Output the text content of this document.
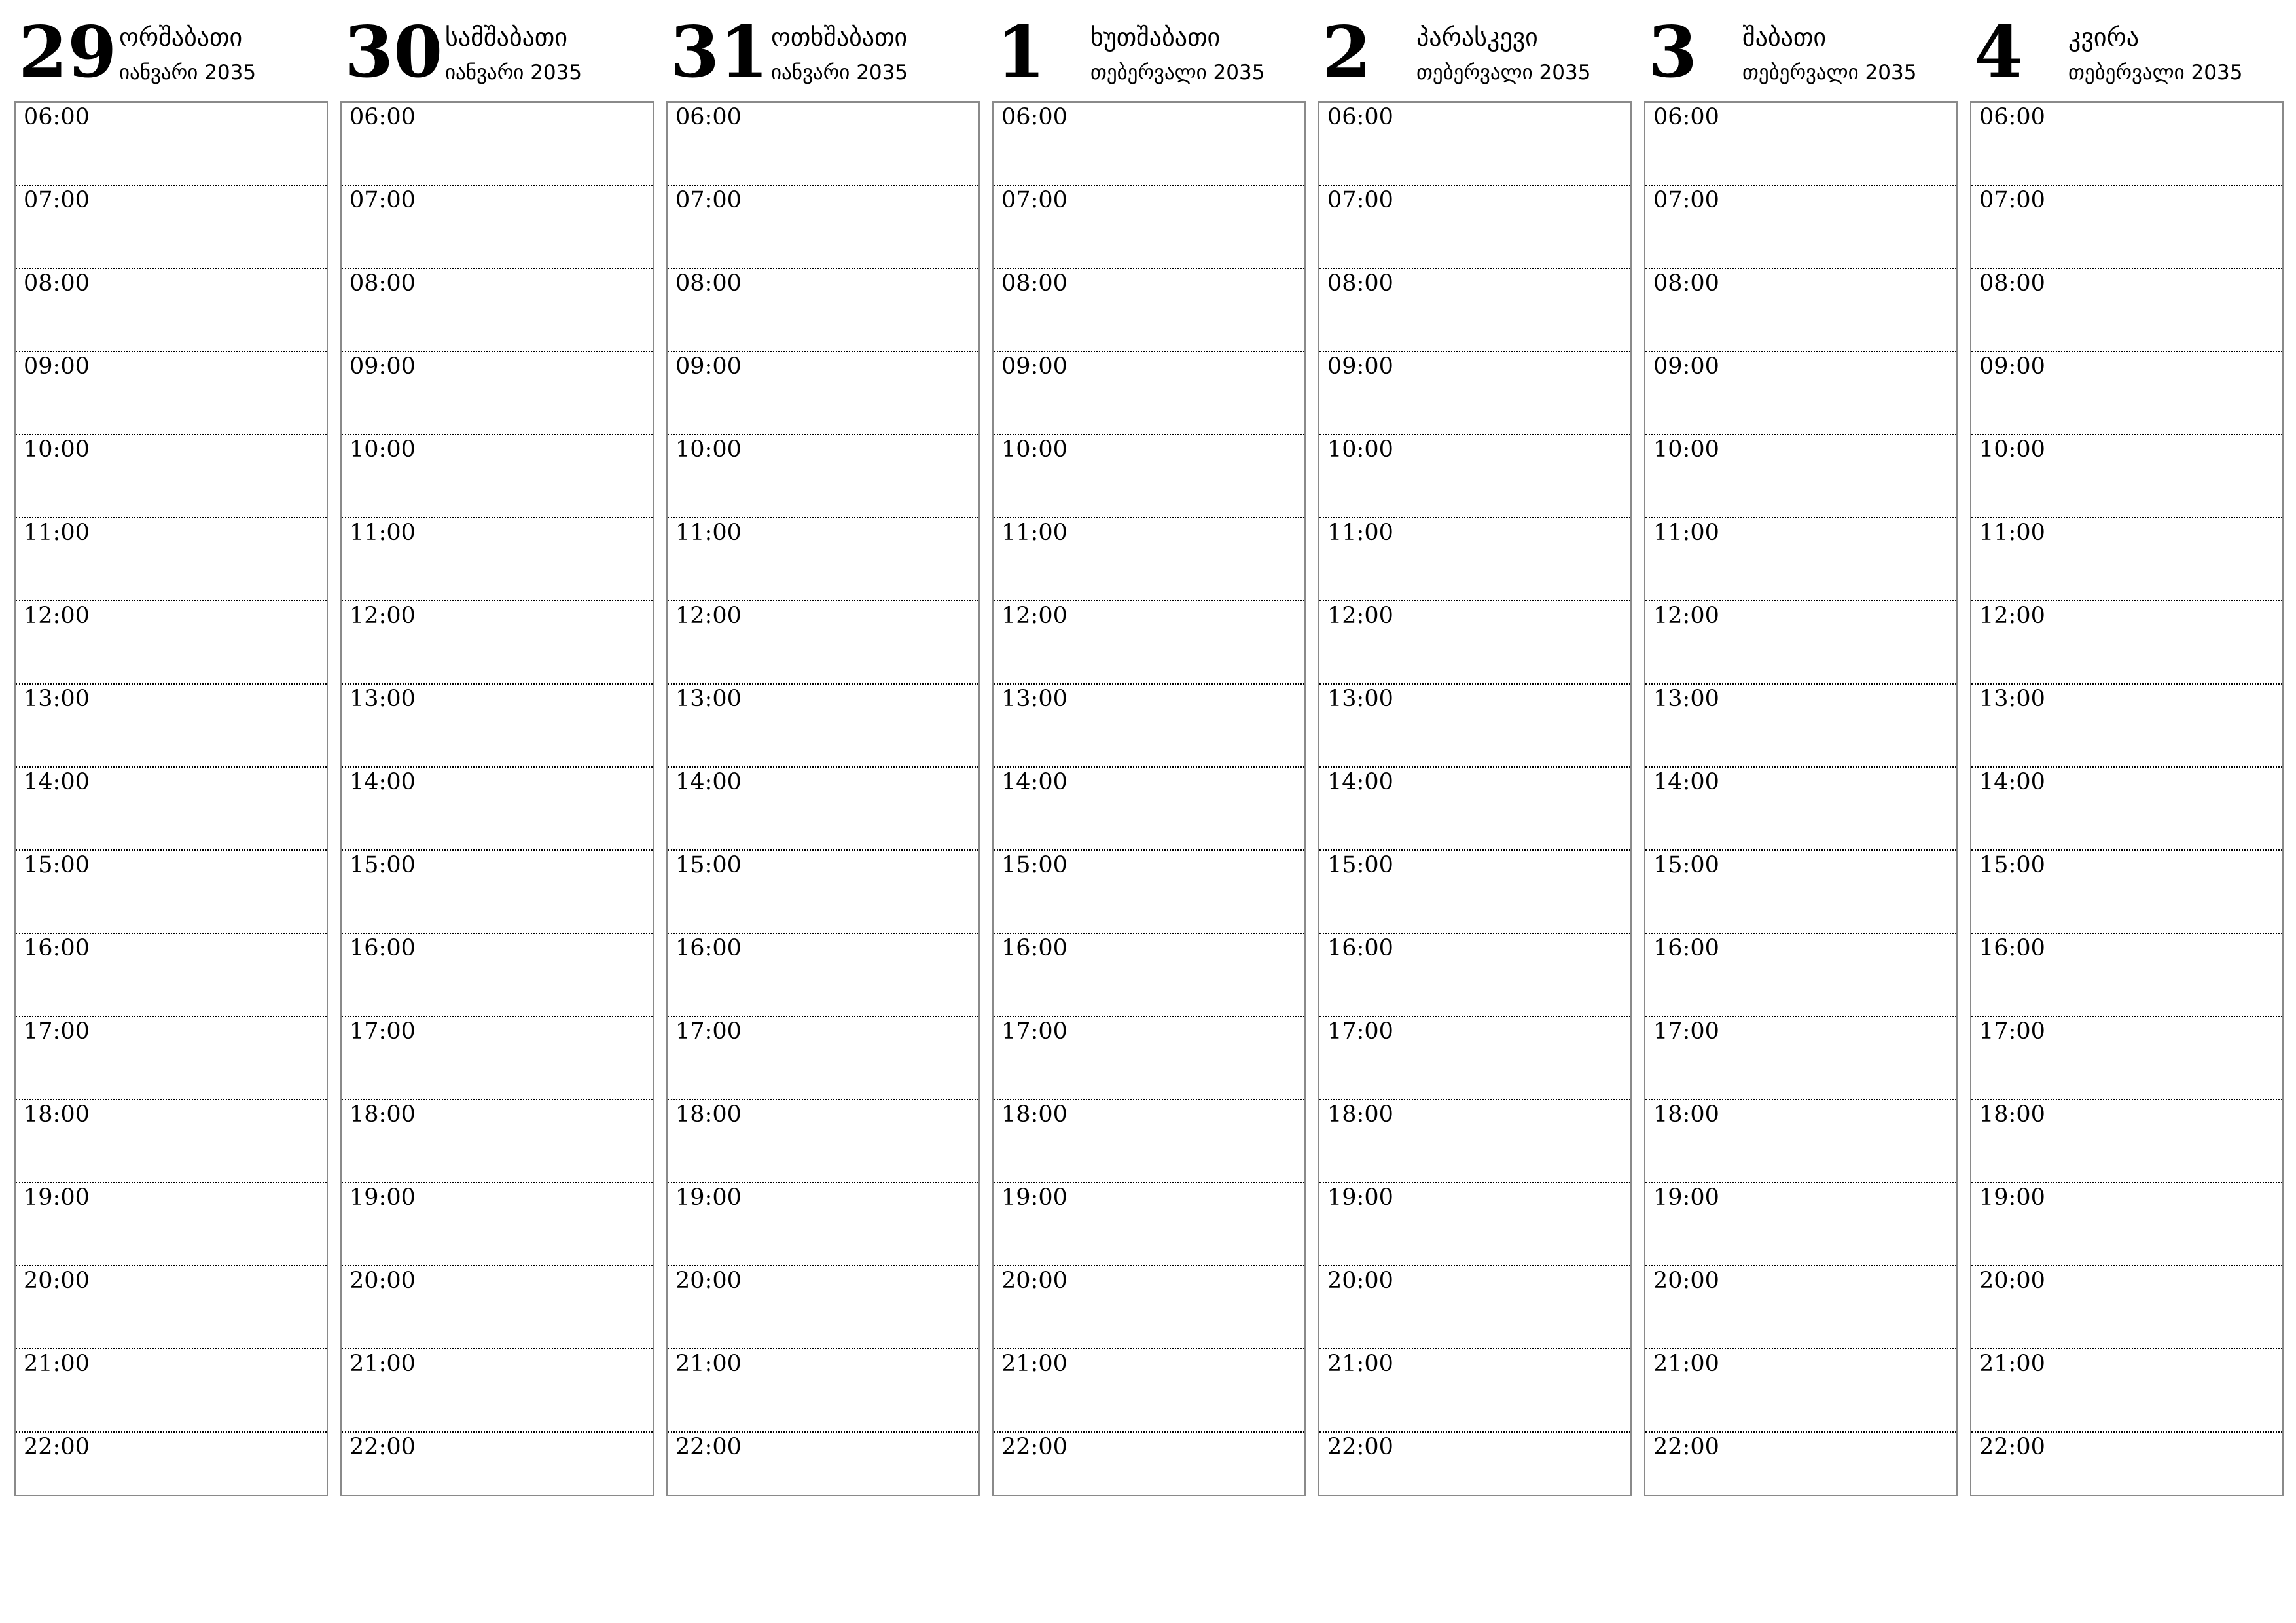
29 ორშაბათი
იანვარი 2035
06:00
07:00
08:00
09:00
10:00
11:00
12:00
13:00
14:00
15:00
16:00
17:00
18:00
19:00
20:00
21:00
22:00
30 სამშაბათი
იანვარი 2035
06:00
07:00
08:00
09:00
10:00
11:00
12:00
13:00
14:00
15:00
16:00
17:00
18:00
19:00
20:00
21:00
22:00
31 ოთხშაბათი
იანვარი 2035
06:00
07:00
08:00
09:00
10:00
11:00
12:00
13:00
14:00
15:00
16:00
17:00
18:00
19:00
20:00
21:00
22:00
1 ხუთშაბათი
თებერვალი 2035
06:00
07:00
08:00
09:00
10:00
11:00
12:00
13:00
14:00
15:00
16:00
17:00
18:00
19:00
20:00
21:00
22:00
2 პარასკევი
თებერვალი 2035
06:00
07:00
08:00
09:00
10:00
11:00
12:00
13:00
14:00
15:00
16:00
17:00
18:00
19:00
20:00
21:00
22:00
3 შაბათი
თებერვალი 2035
06:00
07:00
08:00
09:00
10:00
11:00
12:00
13:00
14:00
15:00
16:00
17:00
18:00
19:00
20:00
21:00
22:00
4 კვირა
თებერვალი 2035
06:00
07:00
08:00
09:00
10:00
11:00
12:00
13:00
14:00
15:00
16:00
17:00
18:00
19:00
20:00
21:00
22:00
